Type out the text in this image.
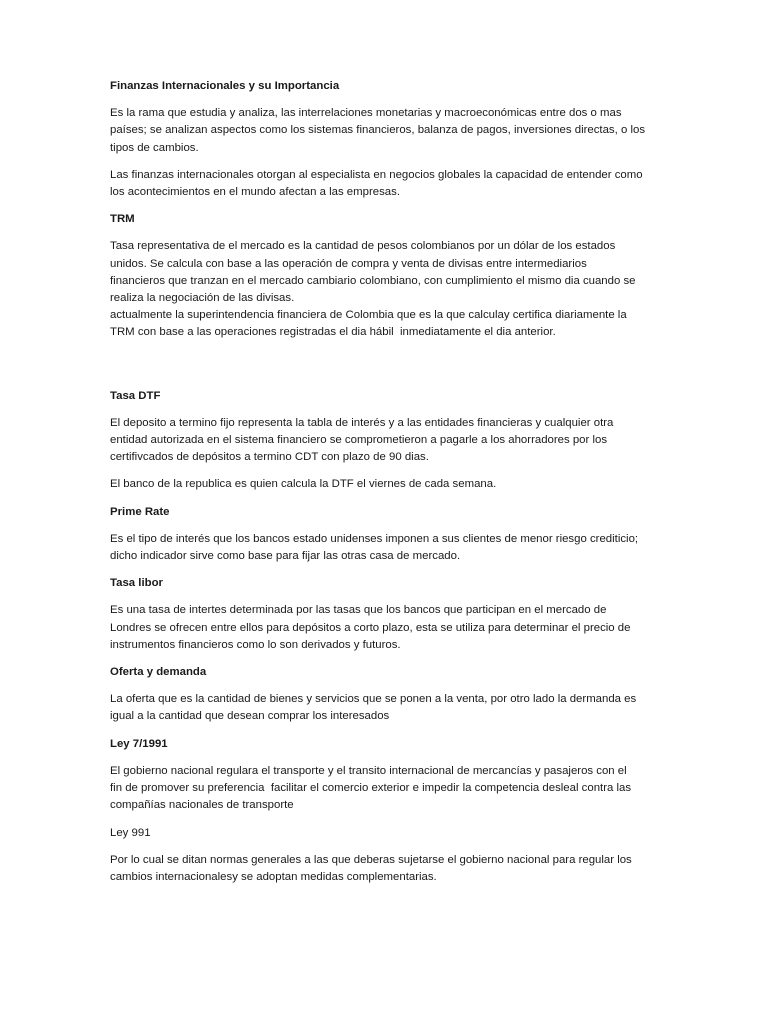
Finanzas Internacionales y su Importancia
Es la rama que estudia y analiza, las interrelaciones monetarias y macroeconómicas entre dos o mas
países; se analizan aspectos como los sistemas financieros, balanza de pagos, inversiones directas, o los
tipos de cambios.
Las finanzas internacionales otorgan al especialista en negocios globales la capacidad de entender como
los acontecimientos en el mundo afectan a las empresas.
TRM
Tasa representativa de el mercado es la cantidad de pesos colombianos por un dólar de los estados
unidos. Se calcula con base a las operación de compra y venta de divisas entre intermediarios
financieros que tranzan en el mercado cambiario colombiano, con cumplimiento el mismo dia cuando se
realiza la negociación de las divisas.
actualmente la superintendencia financiera de Colombia que es la que calculay certifica diariamente la
TRM con base a las operaciones registradas el dia hábil  inmediatamente el dia anterior.
Tasa DTF
El deposito a termino fijo representa la tabla de interés y a las entidades financieras y cualquier otra
entidad autorizada en el sistema financiero se comprometieron a pagarle a los ahorradores por los
certifivcados de depósitos a termino CDT con plazo de 90 dias.
El banco de la republica es quien calcula la DTF el viernes de cada semana.
Prime Rate
Es el tipo de interés que los bancos estado unidenses imponen a sus clientes de menor riesgo crediticio;
dicho indicador sirve como base para fijar las otras casa de mercado.
Tasa libor
Es una tasa de intertes determinada por las tasas que los bancos que participan en el mercado de
Londres se ofrecen entre ellos para depósitos a corto plazo, esta se utiliza para determinar el precio de
instrumentos financieros como lo son derivados y futuros.
Oferta y demanda
La oferta que es la cantidad de bienes y servicios que se ponen a la venta, por otro lado la dermanda es
igual a la cantidad que desean comprar los interesados
Ley 7/1991
El gobierno nacional regulara el transporte y el transito internacional de mercancías y pasajeros con el
fin de promover su preferencia  facilitar el comercio exterior e impedir la competencia desleal contra las
compañías nacionales de transporte
Ley 991
Por lo cual se ditan normas generales a las que deberas sujetarse el gobierno nacional para regular los
cambios internacionalesy se adoptan medidas complementarias.
